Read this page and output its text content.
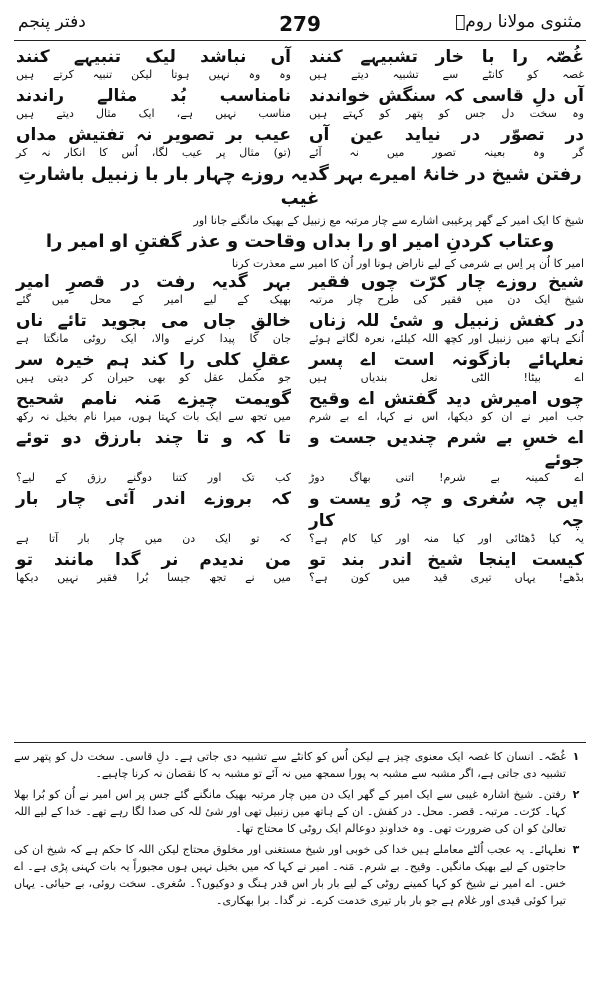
دفتر پنجم	279	مثنوی مولانا رومؒ
غُصّہ را با خار تشبیہے کنند
آں نباشد لیک تنبیہے کنند
غصہ کو کانٹے سے تشبیہ دیتے ہیں
وہ وہ نہیں ہوتا لیکن تنبیہ کرتے ہیں
آں دلِ قاسی کہ سنگش خواندند
نامناسب بُد مثالے راندند
وہ سخت دل جس کو پتھر کو کہتے ہیں
مناسب نہیں ہے، ایک مثال دیتے ہیں
در تصوّر در نیاید عین آں
عیب بر تصویر نہ تفتیش مداں
گر وہ بعینہ تصور میں نہ آئے
(تو) مثال پر عیب لگا، اُس کا انکار نہ کر
رفتن شیخ در خانۂ امیرے بہر گدیہ روزے چہار بار با زنبیل باشارتِ غیب
شیخ کا ایک امیر کے گھر پرغیبی اشارے سے چار مرتبہ مع زنبیل کے بھیک مانگنے جانا اور
وعتاب کردنِ امیر او را بداں وقاحت و عذر گفتنِ او امیر را
امیر کا اُن پر اِس بے شرمی کے لیے ناراض ہونا اور اُن کا امیر سے معذرت کرنا
شیخ روزے چار کرّت چوں فقیر
بہر گدیہ رفت در قصرِ امیر
شیخ ایک دن میں فقیر کی طرح چار مرتبہ
بھیک کے لیے امیر کے محل میں گئے
در کفش زنبیل و شیٔ للہ زناں
خالقِ جاں می بجوید تائے ناں
اُنکے ہاتھ میں زنبیل اور کچھ اللہ کیلئے، نعرہ لگاتے ہوئے
جان کا پیدا کرنے والا، ایک روٹی مانگتا ہے
نعلہائے بازگونہ است اے پسر
عقلِ کلی را کند ہم خیرہ سر
اے بیٹا! الٹی نعل بندیاں ہیں
جو مکمل عقل کو بھی حیران کر دیتی ہیں
چوں امیرش دید گفتش اے وقیح
گویمت چیزے مَنہ نامم شحیح
جب امیر نے ان کو دیکھا، اس نے کہا، اے بے شرم
میں تجھ سے ایک بات کہتا ہوں، میرا نام بخیل نہ رکھ
اے خسِ بے شرم چندیں جست و جوئے
تا کہ و تا چند بارزق دو توئے
اے کمینہ بے شرم! اتنی بھاگ دوڑ
کب تک اور کتنا دوگنے رزق کے لیے؟
ایں چہ سُغری و چہ رُو یست و چہ کار
کہ بروزے اندر آئی چار بار
یہ کیا ڈھٹائی اور کیا منہ اور کیا کام ہے؟
کہ تو ایک دن میں چار بار آتا ہے
کیست اینجا شیخ اندر بند تو
من ندیدم نر گدا مانند تو
بڈھے! یہاں تیری قید میں کون ہے؟
میں نے تجھ جیسا بُرا فقیر نہیں دیکھا
۱
غُصّہ۔ انسان کا غصہ ایک معنوی چیز ہے لیکن اُس کو کانٹے سے تشبیہ دی جاتی ہے۔ دلِ قاسی۔ سخت دل کو پتھر سے تشبیہ دی جاتی ہے، اگر مشبہ سے مشبہ بہ پورا سمجھ میں نہ آئے تو مشبہ بہ کا نقصان نہ کرنا چاہیے۔
۲
رفتن۔ شیخ اشارہ غیبی سے ایک امیر کے گھر ایک دن میں چار مرتبہ بھیک مانگنے گئے جس پر اس امیر نے اُن کو بُرا بھلا کہا۔ کرّت۔ مرتبہ۔ قصر۔ محل۔ در کفش۔ ان کے ہاتھ میں زنبیل تھی اور شیٔ للہ کی صدا لگا رہے تھے۔ خدا کے لیے اللہ تعالیٰ کو ان کی ضرورت تھی۔ وہ خداوندِ دوعالم ایک روٹی کا محتاج تھا۔
۳
نعلہائے۔ یہ عجب اُلٹے معاملے ہیں خدا کی خوبی اور شیخ مستغنی اور مخلوق محتاج لیکن اللہ کا حکم ہے کہ شیخ ان کی حاجتوں کے لیے بھیک مانگیں۔ وقیح۔ بے شرم۔ مَنہ۔ امیر نے کہا کہ میں بخیل نہیں ہوں مجبوراً یہ بات کہنی پڑی ہے۔ اے خس۔ اے امیر نے شیخ کو کہا کمینے روٹی کے لیے بار بار اس قدر ہنگ و دوکیوں؟۔ سُغری۔ سخت روئی، بے حیائی۔ یہاں تیرا کوئی قیدی اور غلام ہے جو بار بار تیری خدمت کرے۔ نر گدا۔ برا بھکاری۔
